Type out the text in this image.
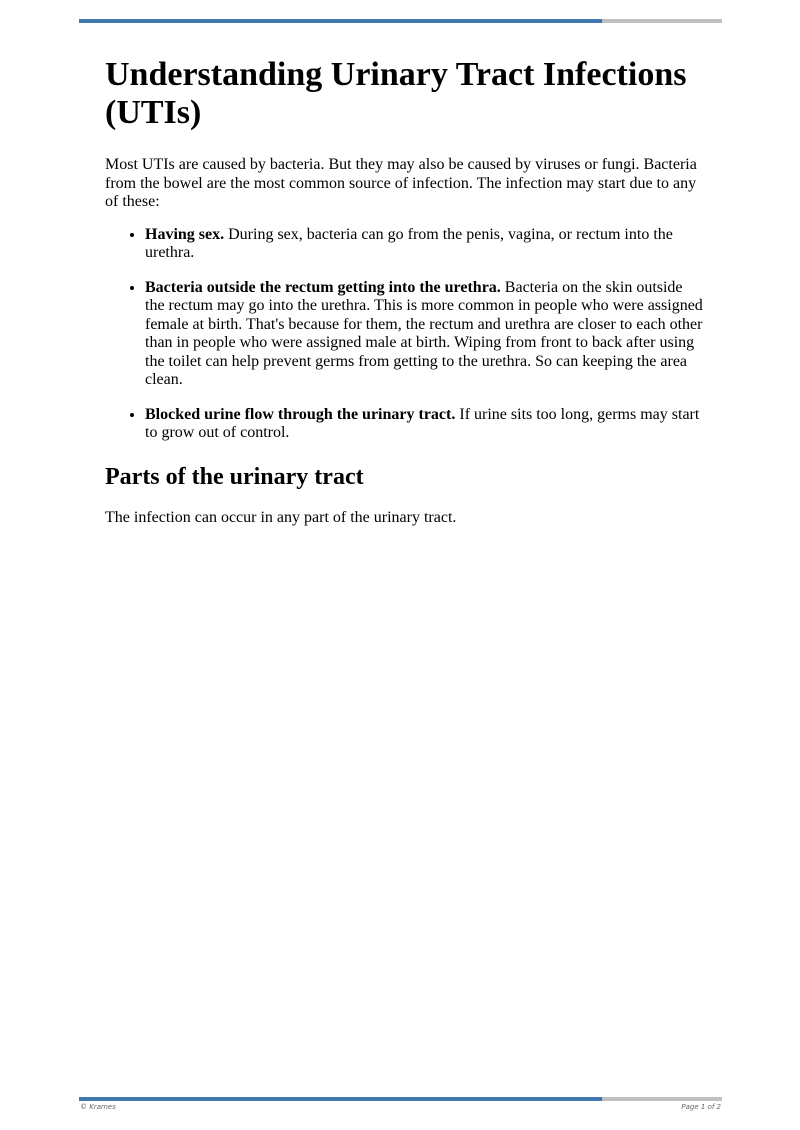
Understanding Urinary Tract Infections (UTIs)

Most UTIs are caused by bacteria. But they may also be caused by viruses or fungi. Bacteria from the bowel are the most common source of infection. The infection may start due to any of these:

• Having sex. During sex, bacteria can go from the penis, vagina, or rectum into the urethra.
• Bacteria outside the rectum getting into the urethra. Bacteria on the skin outside the rectum may go into the urethra. This is more common in people who were assigned female at birth. That's because for them, the rectum and urethra are closer to each other than in people who were assigned male at birth. Wiping from front to back after using the toilet can help prevent germs from getting to the urethra. So can keeping the area clean.
• Blocked urine flow through the urinary tract. If urine sits too long, germs may start to grow out of control.
Parts of the urinary tract

The infection can occur in any part of the urinary tract.

© Krames	Page 1 of 2
